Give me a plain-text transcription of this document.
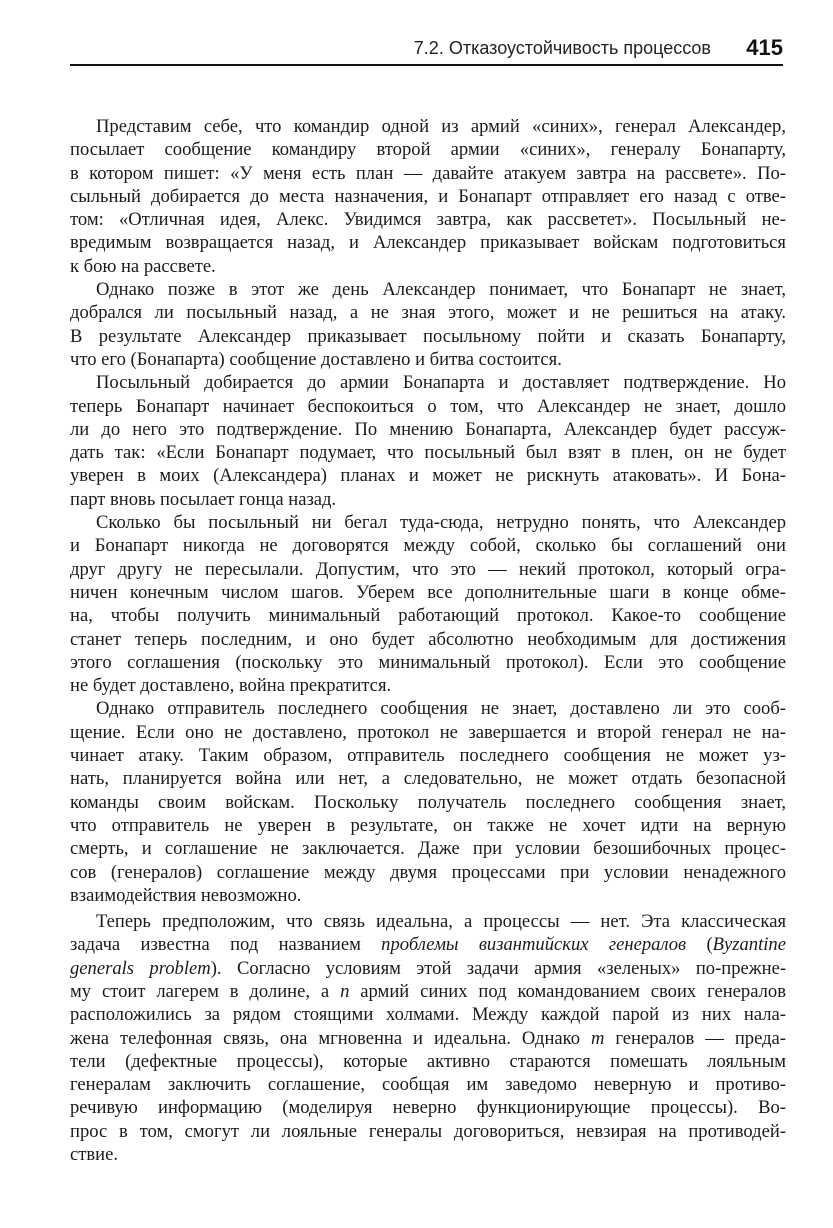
7.2. Отказоустойчивость процессов 415

Представим себе, что командир одной из армий «синих», генерал Александер,
посылает сообщение командиру второй армии «синих», генералу Бонапарту,
в котором пишет: «У меня есть план — давайте атакуем завтра на рассвете». По-
сыльный добирается до места назначения, и Бонапарт отправляет его назад с отве-
том: «Отличная идея, Алекс. Увидимся завтра, как рассветет». Посыльный не-
вредимым возвращается назад, и Александер приказывает войскам подготовиться
к бою на рассвете.

Однако позже в этот же день Александер понимает, что Бонапарт не знает,
добрался ли посыльный назад, а не зная этого, может и не решиться на атаку.
В результате Александер приказывает посыльному пойти и сказать Бонапарту,
что его (Бонапарта) сообщение доставлено и битва состоится.

Посыльный добирается до армии Бонапарта и доставляет подтверждение. Но
теперь Бонапарт начинает беспокоиться о том, что Александер не знает, дошло
ли до него это подтверждение. По мнению Бонапарта, Александер будет рассуж-
дать так: «Если Бонапарт подумает, что посыльный был взят в плен, он не будет
уверен в моих (Александера) планах и может не рискнуть атаковать». И Бона-
парт вновь посылает гонца назад.

Сколько бы посыльный ни бегал туда-сюда, нетрудно понять, что Александер
и Бонапарт никогда не договорятся между собой, сколько бы соглашений они
друг другу не пересылали. Допустим, что это — некий протокол, который огра-
ничен конечным числом шагов. Уберем все дополнительные шаги в конце обме-
на, чтобы получить минимальный работающий протокол. Какое-то сообщение
станет теперь последним, и оно будет абсолютно необходимым для достижения
этого соглашения (поскольку это минимальный протокол). Если это сообщение
не будет доставлено, война прекратится.

Однако отправитель последнего сообщения не знает, доставлено ли это сооб-
щение. Если оно не доставлено, протокол не завершается и второй генерал не на-
чинает атаку. Таким образом, отправитель последнего сообщения не может уз-
нать, планируется война или нет, а следовательно, не может отдать безопасной
команды своим войскам. Поскольку получатель последнего сообщения знает,
что отправитель не уверен в результате, он также не хочет идти на верную
смерть, и соглашение не заключается. Даже при условии безошибочных процес-
сов (генералов) соглашение между двумя процессами при условии ненадежного
взаимодействия невозможно.

Теперь предположим, что связь идеальна, а процессы — нет. Эта классическая
задача известна под названием проблемы византийских генералов (Byzantine
generals problem). Согласно условиям этой задачи армия «зеленых» по-прежне-
му стоит лагерем в долине, а n армий синих под командованием своих генералов
расположились за рядом стоящими холмами. Между каждой парой из них нала-
жена телефонная связь, она мгновенна и идеальна. Однако m генералов — преда-
тели (дефектные процессы), которые активно стараются помешать лояльным
генералам заключить соглашение, сообщая им заведомо неверную и противо-
речивую информацию (моделируя неверно функционирующие процессы). Во-
прос в том, смогут ли лояльные генералы договориться, невзирая на противодей-
ствие.
